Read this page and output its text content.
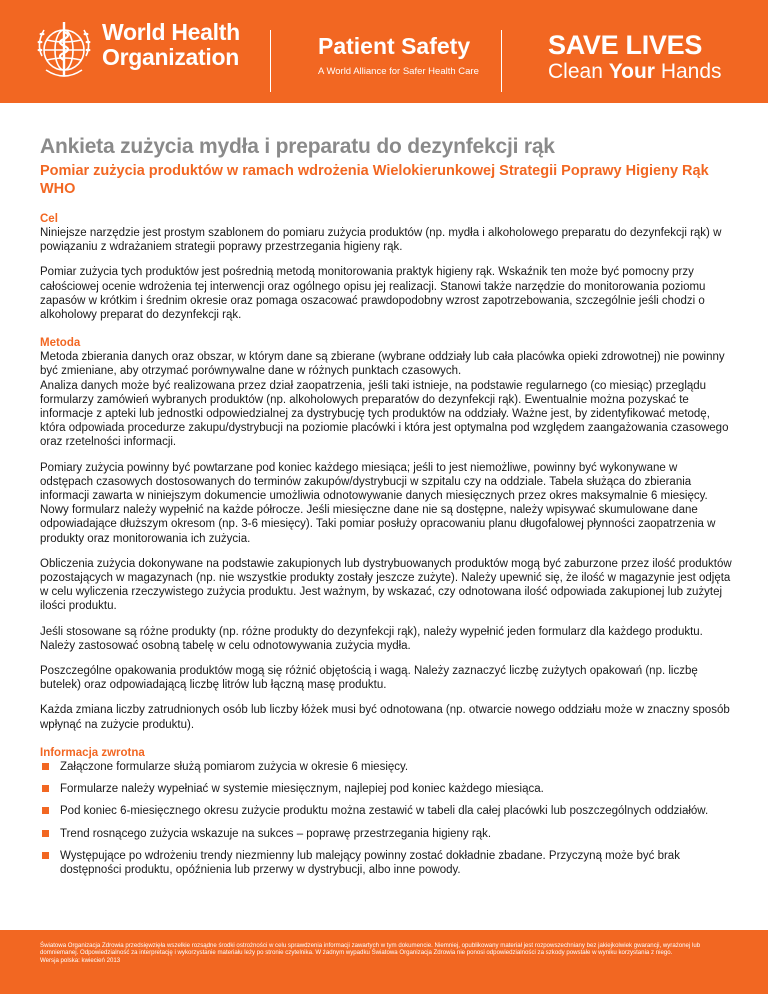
World Health
Organization	Patient Safety
A World Alliance for Safer Health Care
SAVE LIVES
Clean Your Hands
Ankieta zużycia mydła i preparatu do dezynfekcji rąk
Pomiar zużycia produktów w ramach wdrożenia Wielokierunkowej Strategii Poprawy Higieny Rąk WHO
Cel

Niniejsze narzędzie jest prostym szablonem do pomiaru zużycia produktów (np. mydła i alkoholowego preparatu do dezynfekcji rąk) w powiązaniu z wdrażaniem strategii poprawy przestrzegania higieny rąk.

Pomiar zużycia tych produktów jest pośrednią metodą monitorowania praktyk higieny rąk. Wskaźnik ten może być pomocny przy całościowej ocenie wdrożenia tej interwencji oraz ogólnego opisu jej realizacji. Stanowi także narzędzie do monitorowania poziomu zapasów w krótkim i średnim okresie oraz pomaga oszacować prawdopodobny wzrost zapotrzebowania, szczególnie jeśli chodzi o alkoholowy preparat do dezynfekcji rąk.

Metoda

Metoda zbierania danych oraz obszar, w którym dane są zbierane (wybrane oddziały lub cała placówka opieki zdrowotnej) nie powinny być zmieniane, aby otrzymać porównywalne dane w różnych punktach czasowych.

Analiza danych może być realizowana przez dział zaopatrzenia, jeśli taki istnieje, na podstawie regularnego (co miesiąc) przeglądu formularzy zamówień wybranych produktów (np. alkoholowych preparatów do dezynfekcji rąk). Ewentualnie można pozyskać te informacje z apteki lub jednostki odpowiedzialnej za dystrybucję tych produktów na oddziały. Ważne jest, by zidentyfikować metodę, która odpowiada procedurze zakupu/dystrybucji na poziomie placówki i która jest optymalna pod względem zaangażowania czasowego oraz rzetelności informacji.

Pomiary zużycia powinny być powtarzane pod koniec każdego miesiąca; jeśli to jest niemożliwe, powinny być wykonywane w odstępach czasowych dostosowanych do terminów zakupów/dystrybucji w szpitalu czy na oddziale. Tabela służąca do zbierania informacji zawarta w niniejszym dokumencie umożliwia odnotowywanie danych miesięcznych przez okres maksymalnie 6 miesięcy. Nowy formularz należy wypełnić na każde półrocze. Jeśli miesięczne dane nie są dostępne, należy wpisywać skumulowane dane odpowiadające dłuższym okresom (np. 3-6 miesięcy). Taki pomiar posłuży opracowaniu planu długofalowej płynności zaopatrzenia w produkty oraz monitorowania ich zużycia.

Obliczenia zużycia dokonywane na podstawie zakupionych lub dystrybuowanych produktów mogą być zaburzone przez ilość produktów pozostających w magazynach (np. nie wszystkie produkty zostały jeszcze zużyte). Należy upewnić się, że ilość w magazynie jest odjęta w celu wyliczenia rzeczywistego zużycia produktu. Jest ważnym, by wskazać, czy odnotowana ilość odpowiada zakupionej lub zużytej ilości produktu.

Jeśli stosowane są różne produkty (np. różne produkty do dezynfekcji rąk), należy wypełnić jeden formularz dla każdego produktu. Należy zastosować osobną tabelę w celu odnotowywania zużycia mydła.

Poszczególne opakowania produktów mogą się różnić objętością i wagą. Należy zaznaczyć liczbę zużytych opakowań (np. liczbę butelek) oraz odpowiadającą liczbę litrów lub łączną masę produktu.

Każda zmiana liczby zatrudnionych osób lub liczby łóżek musi być odnotowana (np. otwarcie nowego oddziału może w znaczny sposób wpłynąć na zużycie produktu).

Informacja zwrotna
Załączone formularze służą pomiarom zużycia w okresie 6 miesięcy.
Formularze należy wypełniać w systemie miesięcznym, najlepiej pod koniec każdego miesiąca.
Pod koniec 6-miesięcznego okresu zużycie produktu można zestawić w tabeli dla całej placówki lub poszczególnych oddziałów.
Trend rosnącego zużycia wskazuje na sukces – poprawę przestrzegania higieny rąk.
Występujące po wdrożeniu trendy niezmienny lub malejący powinny zostać dokładnie zbadane. Przyczyną może być brak dostępności produktu, opóźnienia lub przerwy w dystrybucji, albo inne powody.
Światowa Organizacja Zdrowia przedsięwzięła wszelkie rozsądne środki ostrożności w celu sprawdzenia informacji zawartych w tym dokumencie. Niemniej, opublikowany materiał jest rozpowszechniany bez jakiejkolwiek gwarancji, wyrażonej lub domniemanej. Odpowiedzialność za interpretację i wykorzystanie materiału leży po stronie czytelnika. W żadnym wypadku Światowa Organizacja Zdrowia nie ponosi odpowiedzialności za szkody powstałe w wyniku korzystania z niego.
Wersja polska: kwiecień 2013
